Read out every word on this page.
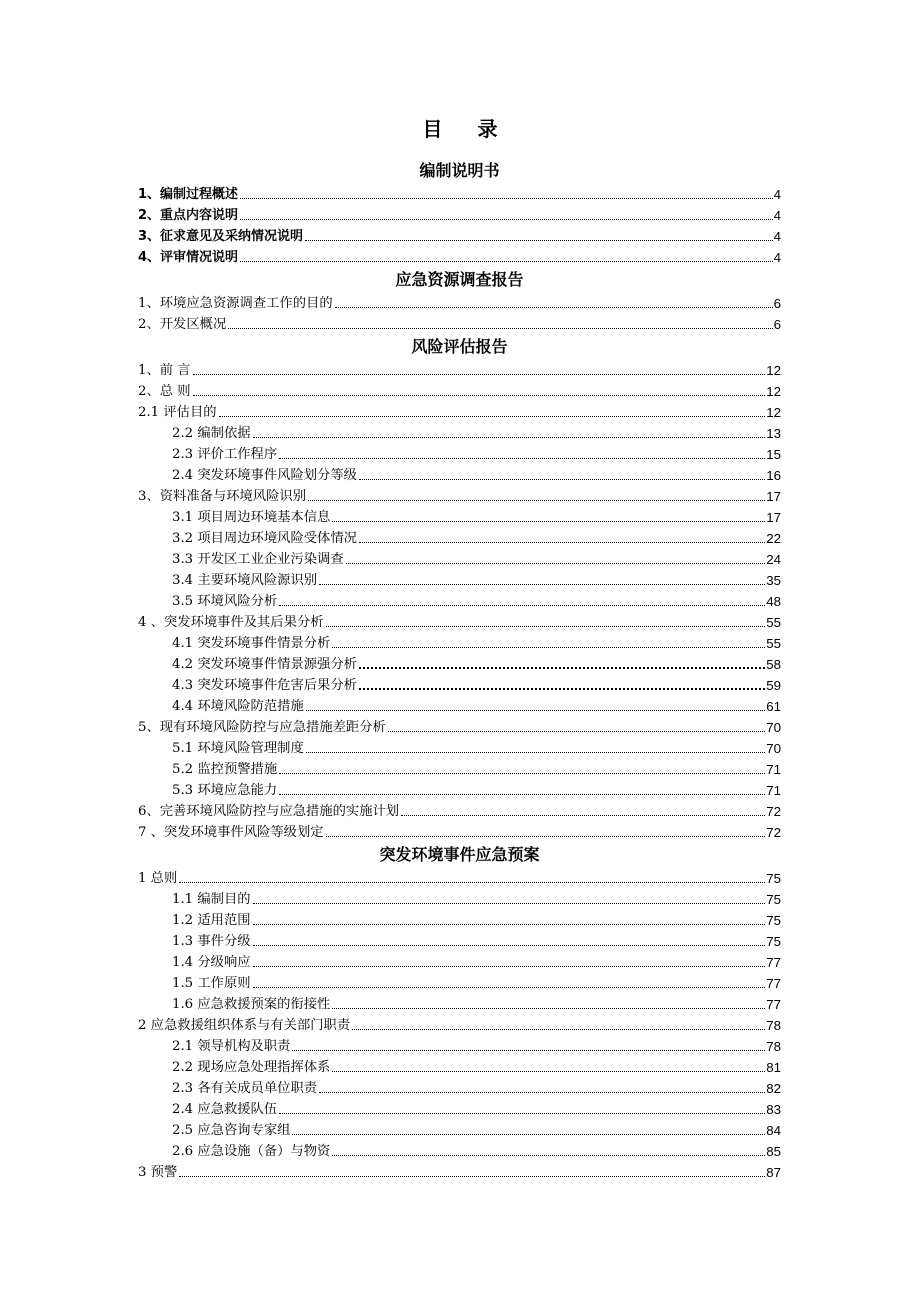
目 录
编制说明书
1、编制过程概述	4
2、重点内容说明	4
3、征求意见及采纳情况说明	4
4、评审情况说明	4
应急资源调查报告
1、环境应急资源调查工作的目的	6
2、开发区概况	6
风险评估报告
1、前 言	12
2、总 则	12
2.1 评估目的	12
2.2 编制依据	13
2.3 评价工作程序	15
2.4 突发环境事件风险划分等级	16
3、资料准备与环境风险识别	17
3.1 项目周边环境基本信息	17
3.2 项目周边环境风险受体情况	22
3.3 开发区工业企业污染调查	24
3.4 主要环境风险源识别	35
3.5 环境风险分析	48
4 、突发环境事件及其后果分析	55
4.1 突发环境事件情景分析	55
4.2 突发环境事件情景源强分析	58
4.3 突发环境事件危害后果分析	59
4.4 环境风险防范措施	61
5、现有环境风险防控与应急措施差距分析	70
5.1 环境风险管理制度	70
5.2 监控预警措施	71
5.3 环境应急能力	71
6、完善环境风险防控与应急措施的实施计划	72
7 、突发环境事件风险等级划定	72
突发环境事件应急预案
1 总则	75
1.1 编制目的	75
1.2 适用范围	75
1.3 事件分级	75
1.4 分级响应	77
1.5 工作原则	77
1.6 应急救援预案的衔接性	77
2 应急救援组织体系与有关部门职责	78
2.1 领导机构及职责	78
2.2 现场应急处理指挥体系	81
2.3 各有关成员单位职责	82
2.4 应急救援队伍	83
2.5 应急咨询专家组	84
2.6 应急设施（备）与物资	85
3 预警	87
